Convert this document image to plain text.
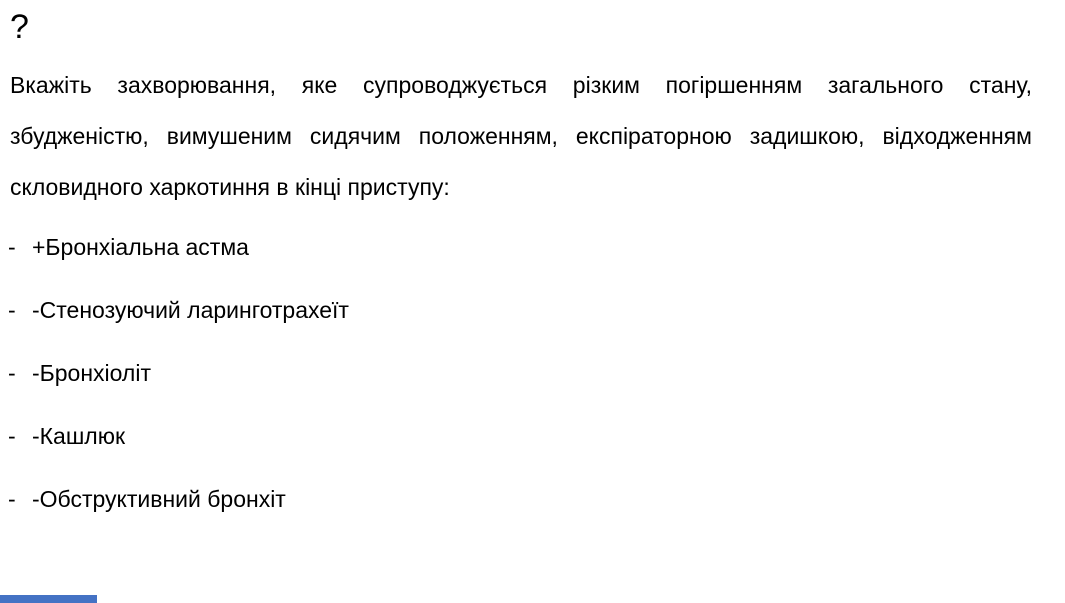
?

Вкажіть захворювання, яке супроводжується різким погіршенням загального стану, збудженістю, вимушеним сидячим положенням, експіраторною задишкою, відходженням скловидного харкотиння в кінці приступу:

- +Бронхіальна астма
- -Стенозуючий ларинготрахеїт
- -Бронхіоліт
- -Кашлюк
- -Обструктивний бронхіт
